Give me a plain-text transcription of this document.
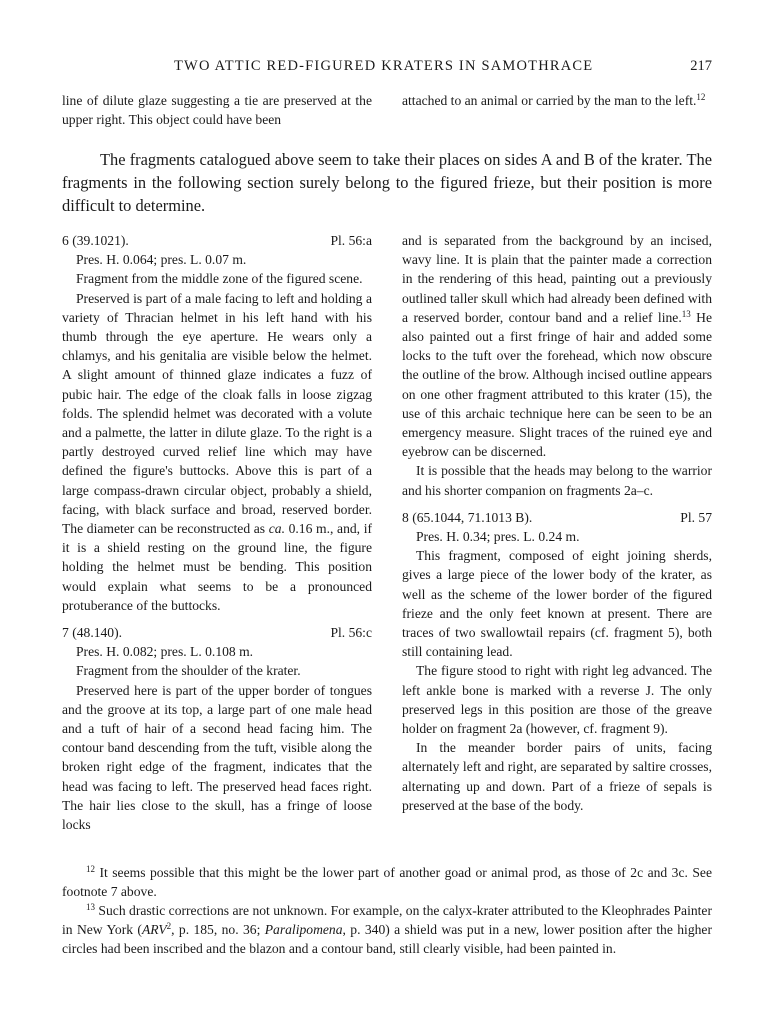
TWO ATTIC RED-FIGURED KRATERS IN SAMOTHRACE	217

line of dilute glaze suggesting a tie are preserved at the upper right. This object could have been

attached to an animal or carried by the man to the left.$^{12}$

The fragments catalogued above seem to take their places on sides A and B of the krater. The fragments in the following section surely belong to the figured frieze, but their position is more difficult to determine.

6 (39.1021).	Pl. 56:a

Pres. H. 0.064; pres. L. 0.07 m.

Fragment from the middle zone of the figured scene.

Preserved is part of a male facing to left and holding a variety of Thracian helmet in his left hand with his thumb through the eye aperture. He wears only a chlamys, and his genitalia are visible below the helmet. A slight amount of thinned glaze indicates a fuzz of pubic hair. The edge of the cloak falls in loose zigzag folds. The splendid helmet was decorated with a volute and a palmette, the latter in dilute glaze. To the right is a partly destroyed curved relief line which may have defined the figure's buttocks. Above this is part of a large compass-drawn circular object, probably a shield, facing, with black surface and broad, reserved border. The diameter can be reconstructed as ca. 0.16 m., and, if it is a shield resting on the ground line, the figure holding the helmet must be bending. This position would explain what seems to be a pronounced protuberance of the buttocks.

7 (48.140).	Pl. 56:c

Pres. H. 0.082; pres. L. 0.108 m.

Fragment from the shoulder of the krater.

Preserved here is part of the upper border of tongues and the groove at its top, a large part of one male head and a tuft of hair of a second head facing him. The contour band descending from the tuft, visible along the broken right edge of the fragment, indicates that the head was facing to left. The preserved head faces right. The hair lies close to the skull, has a fringe of loose locks

and is separated from the background by an incised, wavy line. It is plain that the painter made a correction in the rendering of this head, painting out a previously outlined taller skull which had already been defined with a reserved border, contour band and a relief line.$^{13}$ He also painted out a first fringe of hair and added some locks to the tuft over the forehead, which now obscure the outline of the brow. Although incised outline appears on one other fragment attributed to this krater (15), the use of this archaic technique here can be seen to be an emergency measure. Slight traces of the ruined eye and eyebrow can be discerned.

It is possible that the heads may belong to the warrior and his shorter companion on fragments 2a–c.

8 (65.1044, 71.1013 B).	Pl. 57

Pres. H. 0.34; pres. L. 0.24 m.

This fragment, composed of eight joining sherds, gives a large piece of the lower body of the krater, as well as the scheme of the lower border of the figured frieze and the only feet known at present. There are traces of two swallowtail repairs (cf. fragment 5), both still containing lead.

The figure stood to right with right leg advanced. The left ankle bone is marked with a reverse J. The only preserved legs in this position are those of the greave holder on fragment 2a (however, cf. fragment 9).

In the meander border pairs of units, facing alternately left and right, are separated by saltire crosses, alternating up and down. Part of a frieze of sepals is preserved at the base of the body.

$^{12}$ It seems possible that this might be the lower part of another goad or animal prod, as those of 2c and 3c. See footnote 7 above.

$^{13}$ Such drastic corrections are not unknown. For example, on the calyx-krater attributed to the Kleophrades Painter in New York (ARV$^2$, p. 185, no. 36; Paralipomena, p. 340) a shield was put in a new, lower position after the higher circles had been inscribed and the blazon and a contour band, still clearly visible, had been painted in.
